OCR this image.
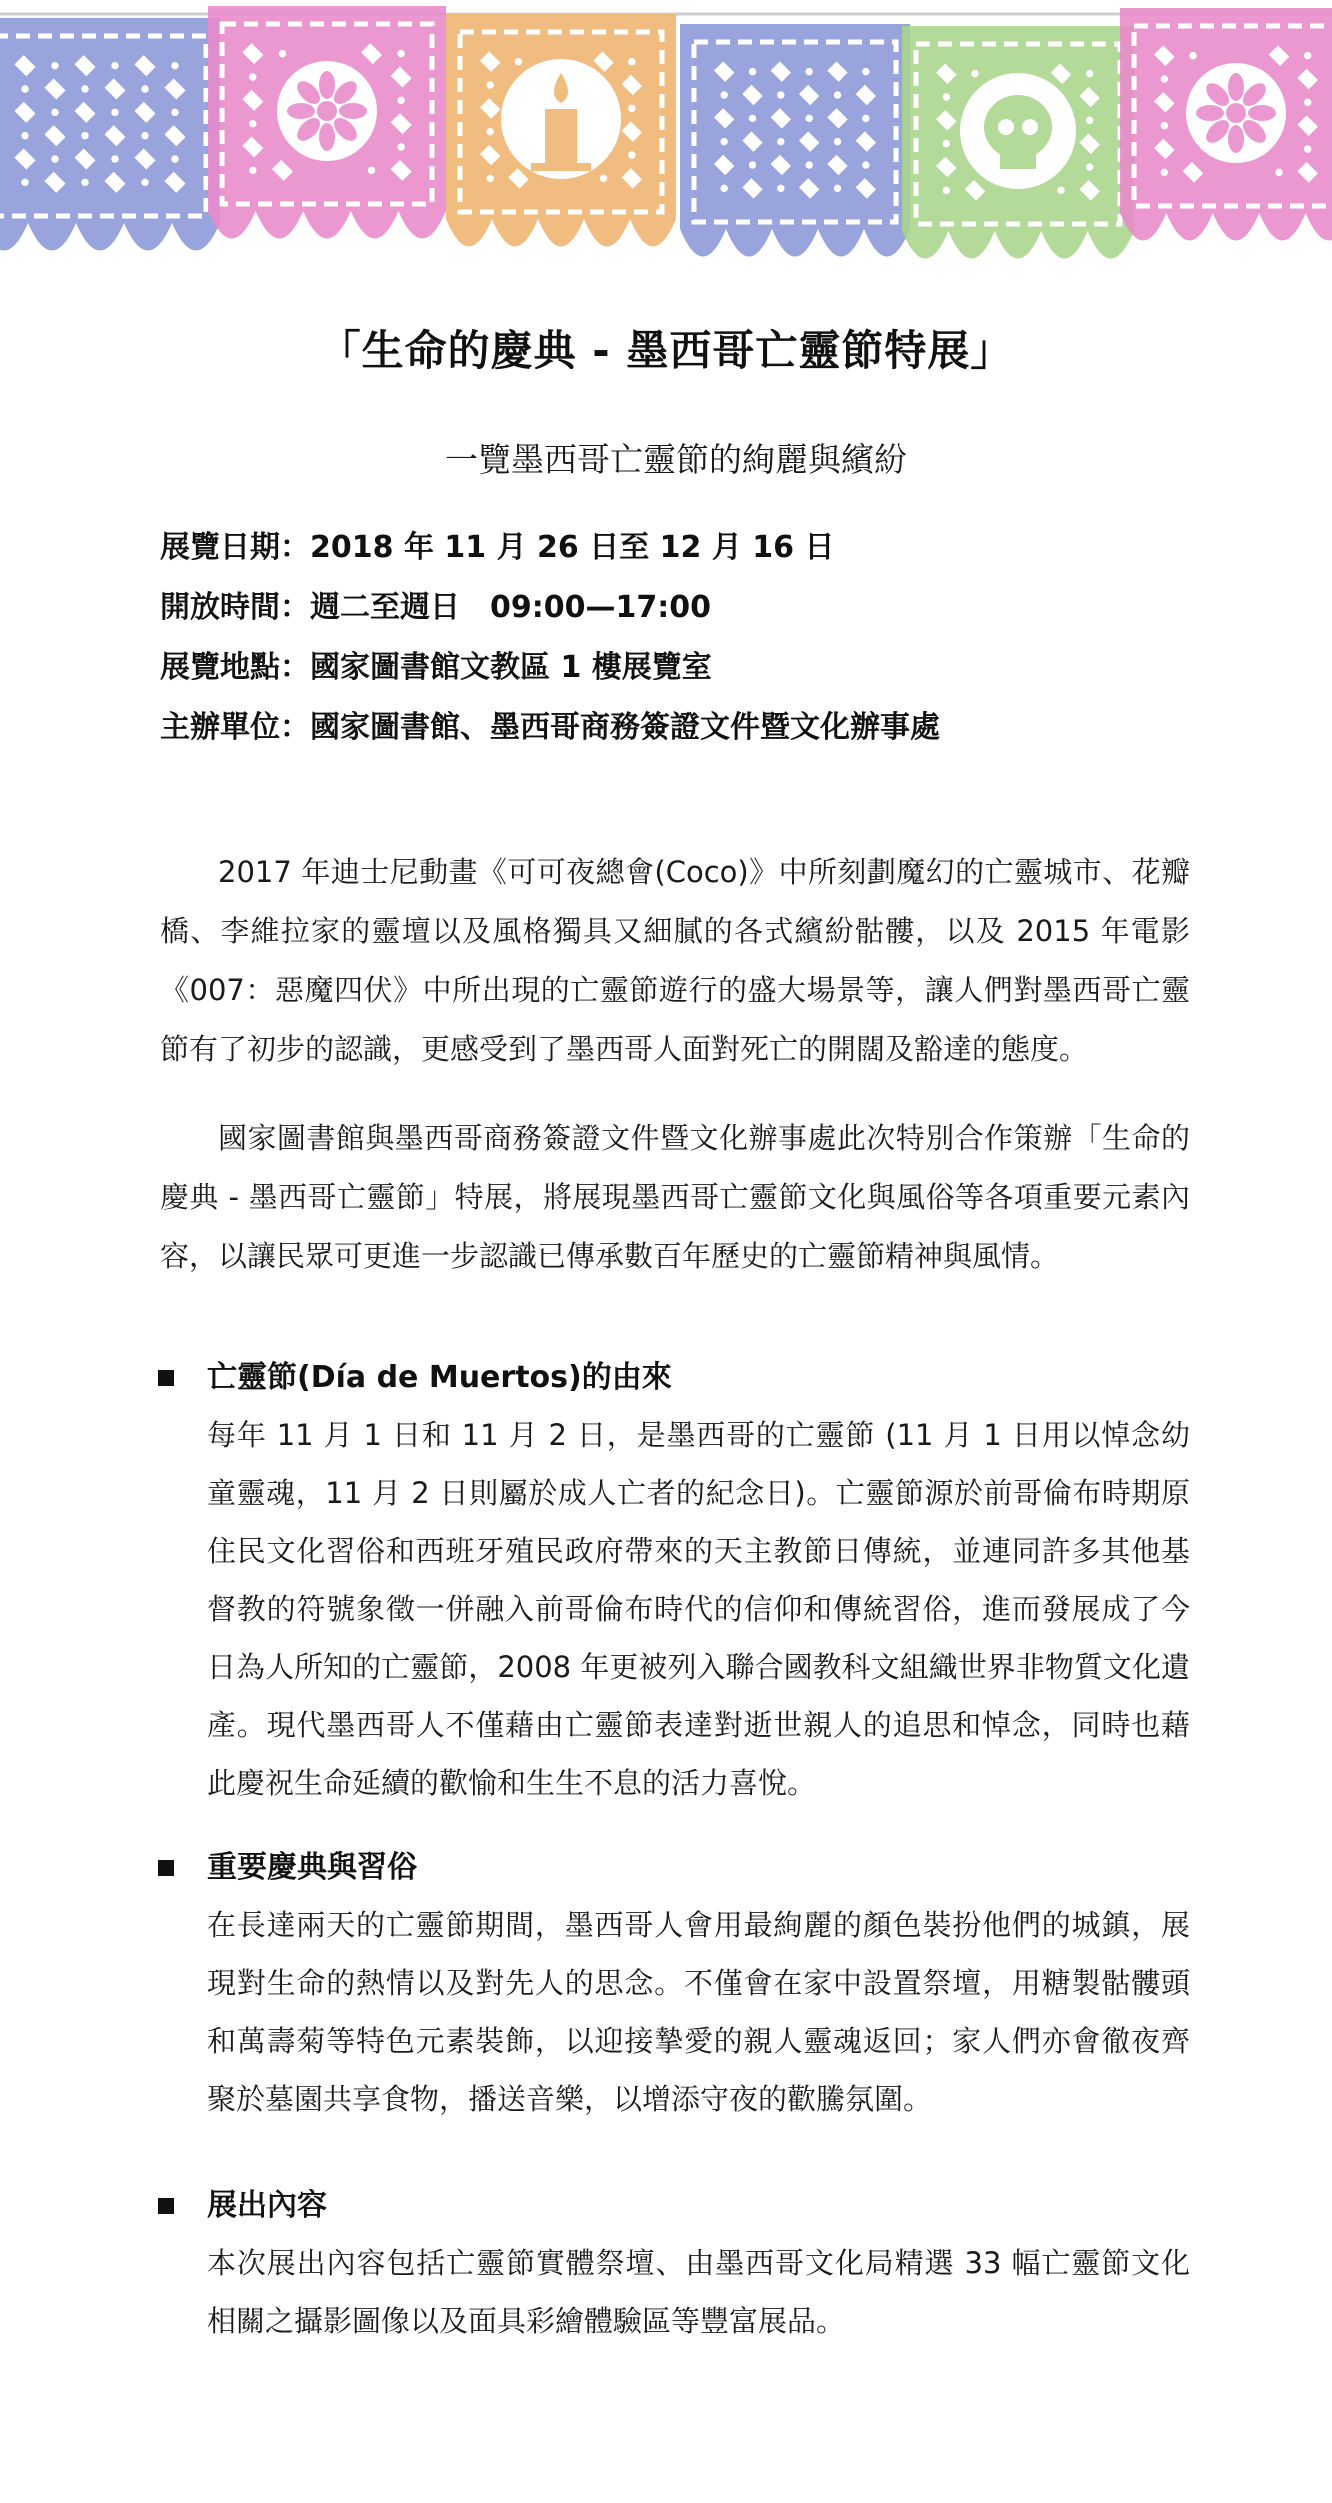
「生命的慶典 - 墨西哥亡靈節特展」
一覽墨西哥亡靈節的絢麗與繽紛
展覽日期：2018 年 11 月 26 日至 12 月 16 日
開放時間：週二至週日　09:00—17:00
展覽地點：國家圖書館文教區 1 樓展覽室
主辦單位：國家圖書館、墨西哥商務簽證文件暨文化辦事處

2017 年迪士尼動畫《可可夜總會(Coco)》中所刻劃魔幻的亡靈城市、花瓣橋、李維拉家的靈壇以及風格獨具又細膩的各式繽紛骷髏，以及 2015 年電影《007：惡魔四伏》中所出現的亡靈節遊行的盛大場景等，讓人們對墨西哥亡靈節有了初步的認識，更感受到了墨西哥人面對死亡的開闊及豁達的態度。

國家圖書館與墨西哥商務簽證文件暨文化辦事處此次特別合作策辦「生命的慶典 - 墨西哥亡靈節」特展，將展現墨西哥亡靈節文化與風俗等各項重要元素內容，以讓民眾可更進一步認識已傳承數百年歷史的亡靈節精神與風情。

亡靈節(Día de Muertos)的由來

每年 11 月 1 日和 11 月 2 日，是墨西哥的亡靈節 (11 月 1 日用以悼念幼童靈魂，11 月 2 日則屬於成人亡者的紀念日)。亡靈節源於前哥倫布時期原住民文化習俗和西班牙殖民政府帶來的天主教節日傳統，並連同許多其他基督教的符號象徵一併融入前哥倫布時代的信仰和傳統習俗，進而發展成了今日為人所知的亡靈節，2008 年更被列入聯合國教科文組織世界非物質文化遺產。現代墨西哥人不僅藉由亡靈節表達對逝世親人的追思和悼念，同時也藉此慶祝生命延續的歡愉和生生不息的活力喜悅。

重要慶典與習俗

在長達兩天的亡靈節期間，墨西哥人會用最絢麗的顏色裝扮他們的城鎮，展現對生命的熱情以及對先人的思念。不僅會在家中設置祭壇，用糖製骷髏頭和萬壽菊等特色元素裝飾，以迎接摯愛的親人靈魂返回；家人們亦會徹夜齊聚於墓園共享食物，播送音樂，以增添守夜的歡騰氛圍。

展出內容

本次展出內容包括亡靈節實體祭壇、由墨西哥文化局精選 33 幅亡靈節文化相關之攝影圖像以及面具彩繪體驗區等豐富展品。
